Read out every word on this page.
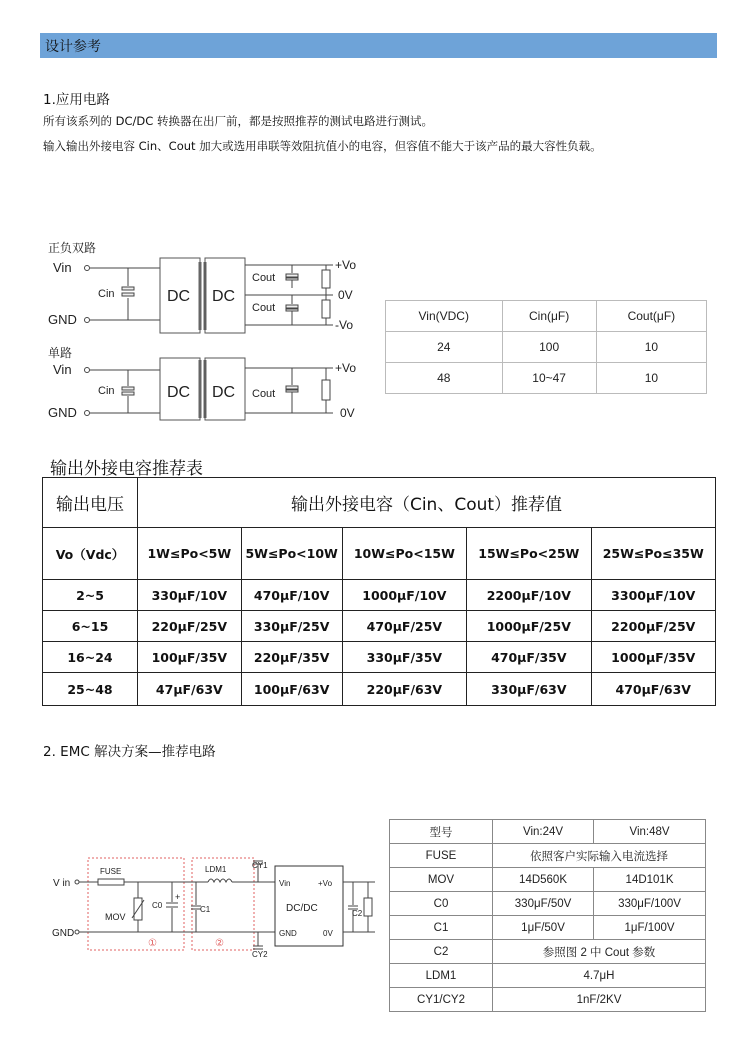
设计参考
1.应用电路
所有该系列的 DC/DC 转换器在出厂前，都是按照推荐的测试电路进行测试。
输入输出外接电容 Cin、Cout 加大或选用串联等效阻抗值小的电容，但容值不能大于该产品的最大容性负载。
正负双路
Vin
GND
Cin	DC DC
Cout
Cout
+Vo
0V
-Vo
单路
Vin
GND
Cin	DC DC Cout
+Vo
0V
Vin(VDC)	Cin(μF)	Cout(μF)
24	100	10
48	10~47	10
输出外接电容推荐表
输出电压	输出外接电容（Cin、Cout）推荐值				
Vo（Vdc）	1W≤Po<5W	5W≤Po<10W	10W≤Po<15W	15W≤Po<25W	25W≤Po≤35W
2~5	330μF/10V	470μF/10V	1000μF/10V	2200μF/10V	3300μF/10V
6~15	220μF/25V	330μF/25V	470μF/25V	1000μF/25V	2200μF/25V
16~24	100μF/35V	220μF/35V	330μF/35V	470μF/35V	1000μF/35V
25~48	47μF/63V	100μF/63V	220μF/63V	330μF/63V	470μF/63V
2. EMC 解决方案—推荐电路
V in
GND
FUSE
MOV
C0
+
LDM1
C1
①	②
CY1
CY2
Vin	+Vo
DC/DC
GND	0V
C2
型号	Vin:24V	Vin:48V
FUSE	依照客户实际输入电流选择	
MOV	14D560K	14D101K
C0	330μF/50V	330μF/100V
C1	1μF/50V	1μF/100V
C2	参照图 2 中 Cout 参数	
LDM1	4.7μH	
CY1/CY2	1nF/2KV	
